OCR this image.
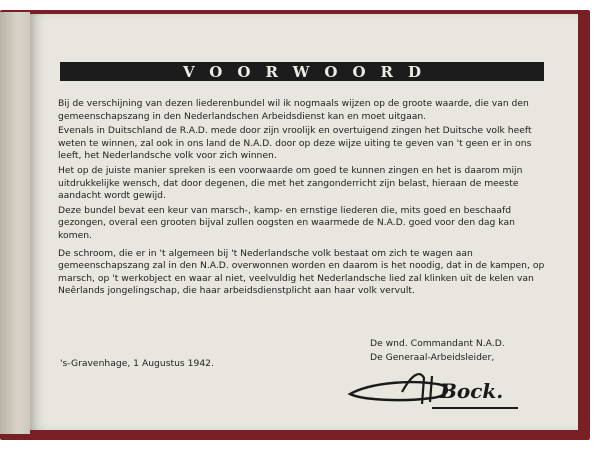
VOORWOORD

Bij de verschijning van dezen liederenbundel wil ik nogmaals wijzen op de groote waarde, die van den gemeenschapszang in den Nederlandschen Arbeidsdienst kan en moet uitgaan.

Evenals in Duitschland de R.A.D. mede door zijn vroolijk en overtuigend zingen het Duitsche volk heeft weten te winnen, zal ook in ons land de N.A.D. door op deze wijze uiting te geven van 't geen er in ons leeft, het Nederlandsche volk voor zich winnen.

Het op de juiste manier spreken is een voorwaarde om goed te kunnen zingen en het is daarom mijn uitdrukkelijke wensch, dat door degenen, die met het zangonderricht zijn belast, hieraan de meeste aandacht wordt gewijd.

Deze bundel bevat een keur van marsch-, kamp- en ernstige liederen die, mits goed en beschaafd gezongen, overal een grooten bijval zullen oogsten en waarmede de N.A.D. goed voor den dag kan komen.

De schroom, die er in 't algemeen bij 't Nederlandsche volk bestaat om zich te wagen aan gemeenschapszang zal in den N.A.D. overwonnen worden en daarom is het noodig, dat in de kampen, op marsch, op 't werkobject en waar al niet, veelvuldig het Nederlandsche lied zal klinken uit de kelen van Neêrlands jongelingschap, die haar arbeidsdienstplicht aan haar volk vervult.

De wnd. Commandant N.A.D.
De Generaal-Arbeidsleider,
's-Gravenhage, 1 Augustus 1942.
Bock.
